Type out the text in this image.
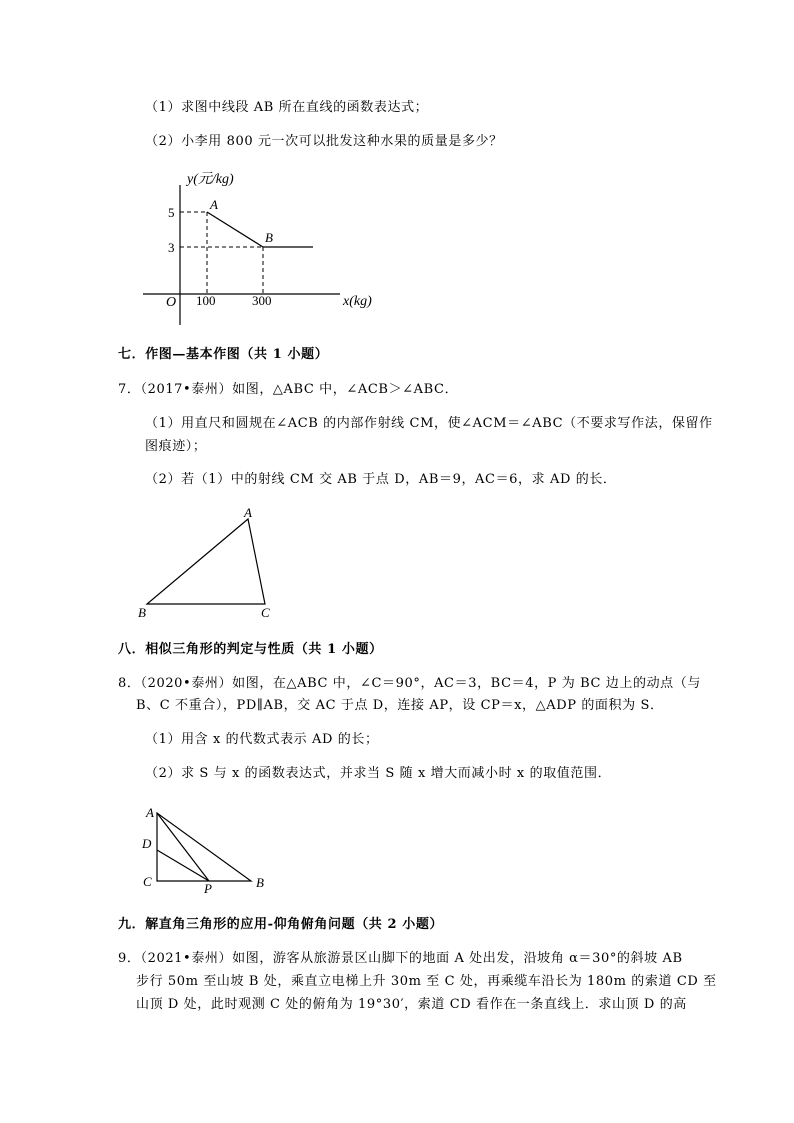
（1）求图中线段 AB 所在直线的函数表达式；
（2）小李用 800 元一次可以批发这种水果的质量是多少？
y(元/kg)
x(kg)
O
A
B
5
3
100	300
七．作图—基本作图（共 1 小题）
7．（2017•泰州）如图，△ABC 中，∠ACB＞∠ABC．
（1）用直尺和圆规在∠ACB 的内部作射线 CM，使∠ACM＝∠ABC（不要求写作法，保留作
图痕迹）；
（2）若（1）中的射线 CM 交 AB 于点 D，AB＝9，AC＝6，求 AD 的长．
A
B	C
八．相似三角形的判定与性质（共 1 小题）
8．（2020•泰州）如图，在△ABC 中，∠C＝90°，AC＝3，BC＝4，P 为 BC 边上的动点（与
B、C 不重合），PD∥AB，交 AC 于点 D，连接 AP，设 CP＝x，△ADP 的面积为 S．
（1）用含 x 的代数式表示 AD 的长；
（2）求 S 与 x 的函数表达式，并求当 S 随 x 增大而减小时 x 的取值范围．
A
D
C	P	B
九．解直角三角形的应用-仰角俯角问题（共 2 小题）
9．（2021•泰州）如图，游客从旅游景区山脚下的地面 A 处出发，沿坡角 α＝30°的斜坡 AB
步行 50m 至山坡 B 处，乘直立电梯上升 30m 至 C 处，再乘缆车沿长为 180m 的索道 CD 至
山顶 D 处，此时观测 C 处的俯角为 19°30′，索道 CD 看作在一条直线上．求山顶 D 的高
